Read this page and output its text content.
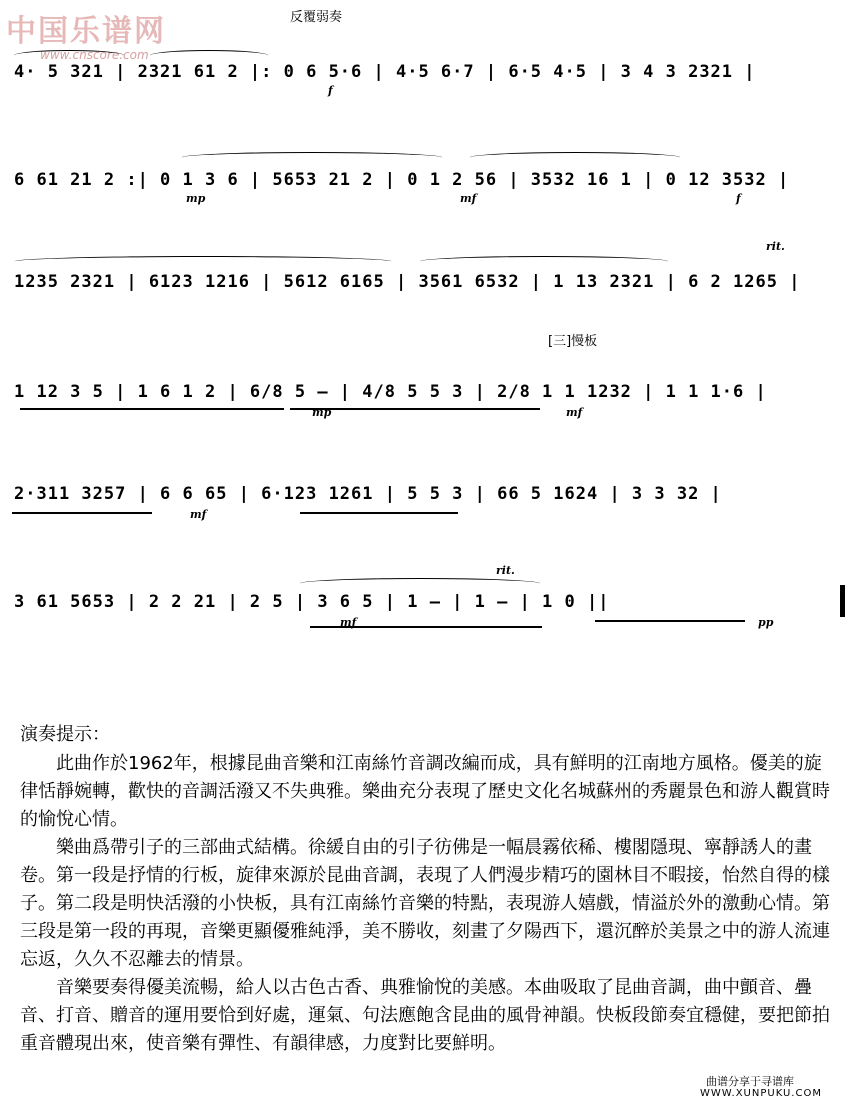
中国乐谱网
www.cnscore.com
反覆弱奏
4· 5 321 | 2321 61 2 |: 0 6 5·6 | 4·5 6·7 | 6·5 4·5 | 3 4 3 2321 |
f
6 61 21 2 :| 0 1 3 6 | 5653 21 2 | 0 1 2 56 | 3532 16 1 | 0 12 3532 |
mp	mf	f
1235 2321 | 6123 1216 | 5612 6165 | 3561 6532 | 1 13 2321 | 6 2 1265 |
rit.
[三]慢板
1 12 3 5 | 1 6 1 2 | 6/8 5 — | 4/8 5 5 3 | 2/8 1 1 1232 | 1 1 1·6 |
mp	mf
2·311 3257 | 6 6 65 | 6·123 1261 | 5 5 3 | 66 5 1624 | 3 3 32 |
mf
3 61 5653 | 2 2 21 | 2 5 | 3 6 5 | 1 — | 1 — | 1 0 ||
mf
rit.
pp
演奏提示：
此曲作於1962年，根據昆曲音樂和江南絲竹音調改編而成，具有鮮明的江南地方風格。優美的旋律恬靜婉轉，歡快的音調活潑又不失典雅。樂曲充分表現了歷史文化名城蘇州的秀麗景色和游人觀賞時的愉悅心情。
樂曲爲帶引子的三部曲式結構。徐緩自由的引子彷佛是一幅晨霧依稀、樓閣隱現、寧靜誘人的畫卷。第一段是抒情的行板，旋律來源於昆曲音調，表現了人們漫步精巧的園林目不暇接，怡然自得的樣子。第二段是明快活潑的小快板，具有江南絲竹音樂的特點，表現游人嬉戲，情溢於外的激動心情。第三段是第一段的再現，音樂更顯優雅純淨，美不勝收，刻畫了夕陽西下，還沉醉於美景之中的游人流連忘返，久久不忍離去的情景。
音樂要奏得優美流暢，給人以古色古香、典雅愉悅的美感。本曲吸取了昆曲音調，曲中顫音、疊音、打音、贈音的運用要恰到好處，運氣、句法應飽含昆曲的風骨神韻。快板段節奏宜穩健，要把節拍重音體現出來，使音樂有彈性、有韻律感，力度對比要鮮明。
曲谱分享于寻谱库
WWW.XUNPUKU.COM
